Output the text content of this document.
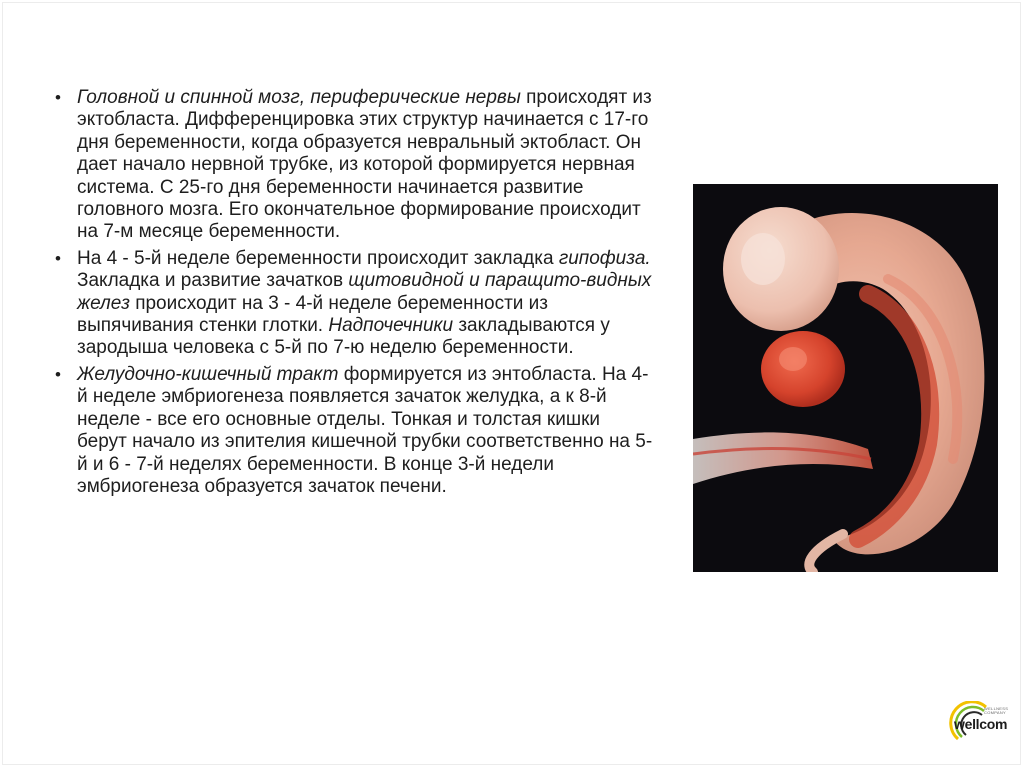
• Головной и спинной мозг, периферические нервы происходят из эктобласта. Дифференцировка этих структур начинается с 17-го дня беременности, когда образуется невральный эктобласт. Он дает начало нервной трубке, из которой формируется нервная система. С 25-го дня беременности начинается развитие головного мозга. Его окончательное формирование происходит на 7-м месяце беременности.
• На 4 - 5-й неделе беременности происходит закладка гипофиза. Закладка и развитие зачатков щитовидной и паращито-видных желез происходит на 3 - 4-й неделе беременности из выпячивания стенки глотки. Надпочечники закладываются у зародыша человека с 5-й по 7-ю неделю беременности.
• Желудочно-кишечный тракт формируется из энтобласта. На 4-й неделе эмбриогенеза появляется зачаток желудка, а к 8-й неделе - все его основные отделы. Тонкая и толстая кишки берут начало из эпителия кишечной трубки соответственно на 5-й и 6 - 7-й неделях беременности. В конце 3-й недели эмбриогенеза образуется зачаток печени.
WELLNESS COMPANY
wellcom
